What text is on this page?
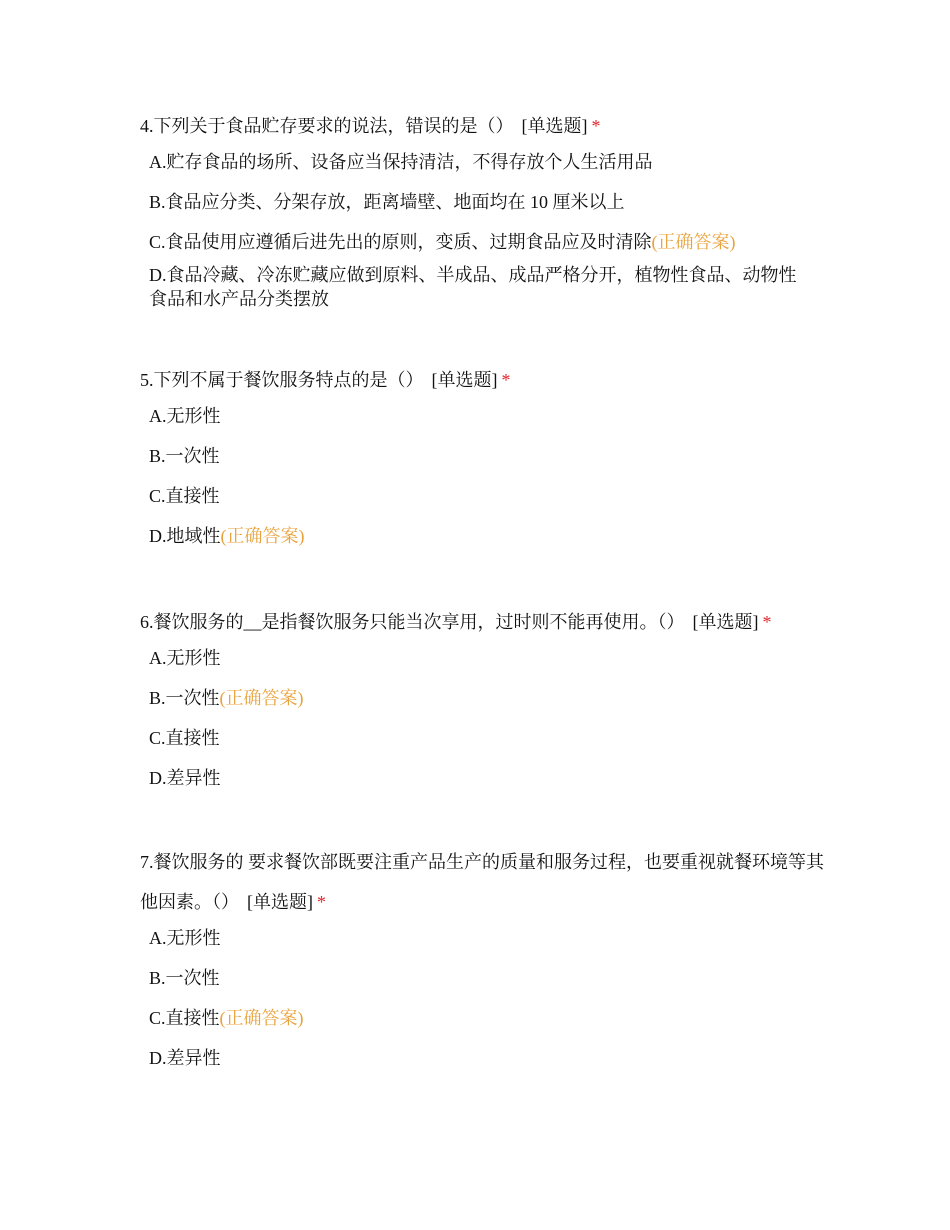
4.下列关于食品贮存要求的说法，错误的是（） [单选题] *

A.贮存食品的场所、设备应当保持清洁，不得存放个人生活用品
B.食品应分类、分架存放，距离墙壁、地面均在 10 厘米以上
C.食品使用应遵循后进先出的原则，变质、过期食品应及时清除(正确答案)
D.食品冷藏、冷冻贮藏应做到原料、半成品、成品严格分开，植物性食品、动物性食品和水产品分类摆放

5.下列不属于餐饮服务特点的是（） [单选题] *

A.无形性
B.一次性
C.直接性
D.地域性(正确答案)

6.餐饮服务的__是指餐饮服务只能当次享用，过时则不能再使用。（） [单选题] *

A.无形性
B.一次性(正确答案)
C.直接性
D.差异性

7.餐饮服务的 要求餐饮部既要注重产品生产的质量和服务过程，也要重视就餐环境等其他因素。（） [单选题] *

A.无形性
B.一次性
C.直接性(正确答案)
D.差异性
